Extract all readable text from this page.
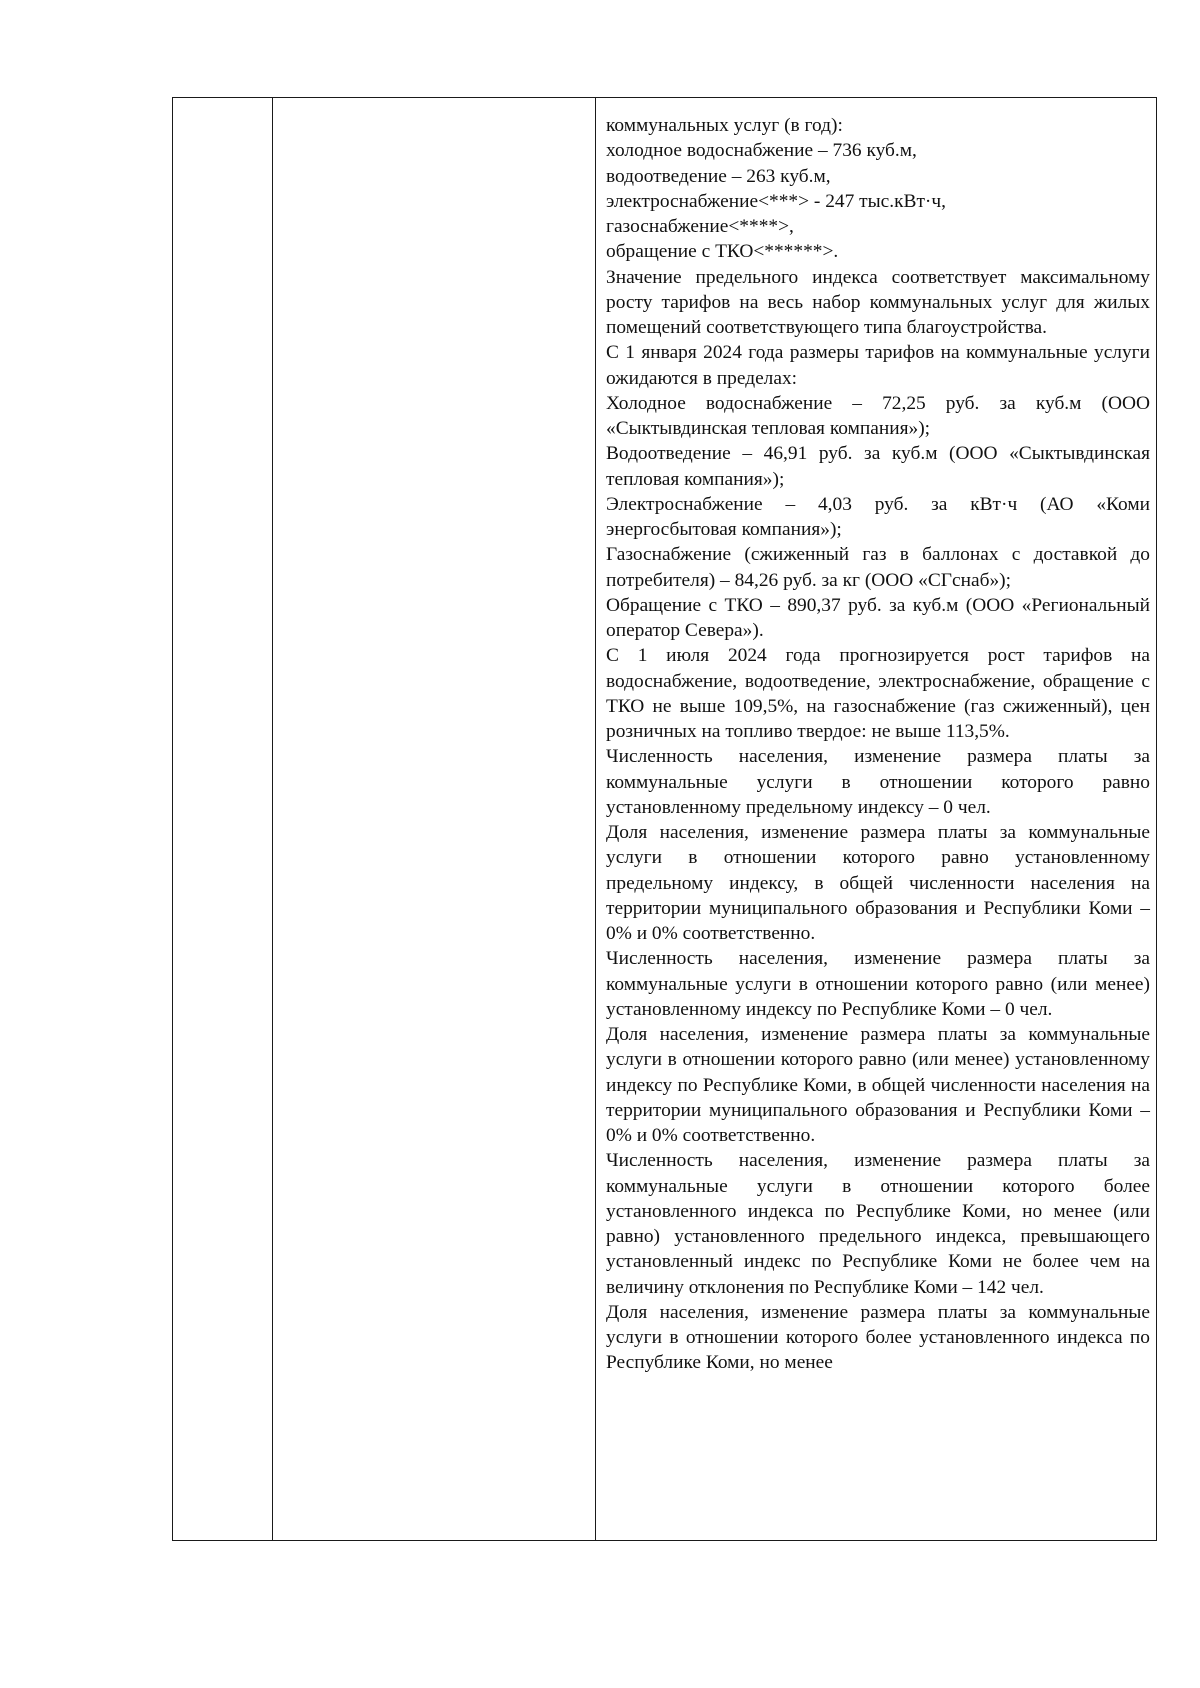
коммунальных услуг (в год):

холодное водоснабжение – 736 куб.м,

водоотведение – 263 куб.м,

электроснабжение<***> - 247 тыс.кВт·ч,

газоснабжение<****>,

обращение с ТКО<******>.

Значение предельного индекса соответствует максимальному росту тарифов на весь набор коммунальных услуг для жилых помещений соответствующего типа благоустройства.

С 1 января 2024 года размеры тарифов на коммунальные услуги ожидаются в пределах:

Холодное водоснабжение – 72,25 руб. за куб.м (ООО «Сыктывдинская тепловая компания»);

Водоотведение – 46,91 руб. за куб.м (ООО «Сыктывдинская тепловая компания»);

Электроснабжение – 4,03 руб. за кВт·ч (АО «Коми энергосбытовая компания»);

Газоснабжение (сжиженный газ в баллонах с доставкой до потребителя) – 84,26 руб. за кг (ООО «СГснаб»);

Обращение с ТКО – 890,37 руб. за куб.м (ООО «Региональный оператор Севера»).

С 1 июля 2024 года прогнозируется рост тарифов на водоснабжение, водоотведение, электроснабжение, обращение с ТКО не выше 109,5%, на газоснабжение (газ сжиженный), цен розничных на топливо твердое: не выше 113,5%.

Численность населения, изменение размера платы за коммунальные услуги в отношении которого равно установленному предельному индексу – 0 чел.

Доля населения, изменение размера платы за коммунальные услуги в отношении которого равно установленному предельному индексу, в общей численности населения на территории муниципального образования и Республики Коми – 0% и 0% соответственно.

Численность населения, изменение размера платы за коммунальные услуги в отношении которого равно (или менее) установленному индексу по Республике Коми – 0 чел.

Доля населения, изменение размера платы за коммунальные услуги в отношении которого равно (или менее) установленному индексу по Республике Коми, в общей численности населения на территории муниципального образования и Республики Коми – 0% и 0% соответственно.

Численность населения, изменение размера платы за коммунальные услуги в отношении которого более установленного индекса по Республике Коми, но менее (или равно) установленного предельного индекса, превышающего установленный индекс по Республике Коми не более чем на величину отклонения по Республике Коми – 142 чел.

Доля населения, изменение размера платы за коммунальные услуги в отношении которого более установленного индекса по Республике Коми, но менее
